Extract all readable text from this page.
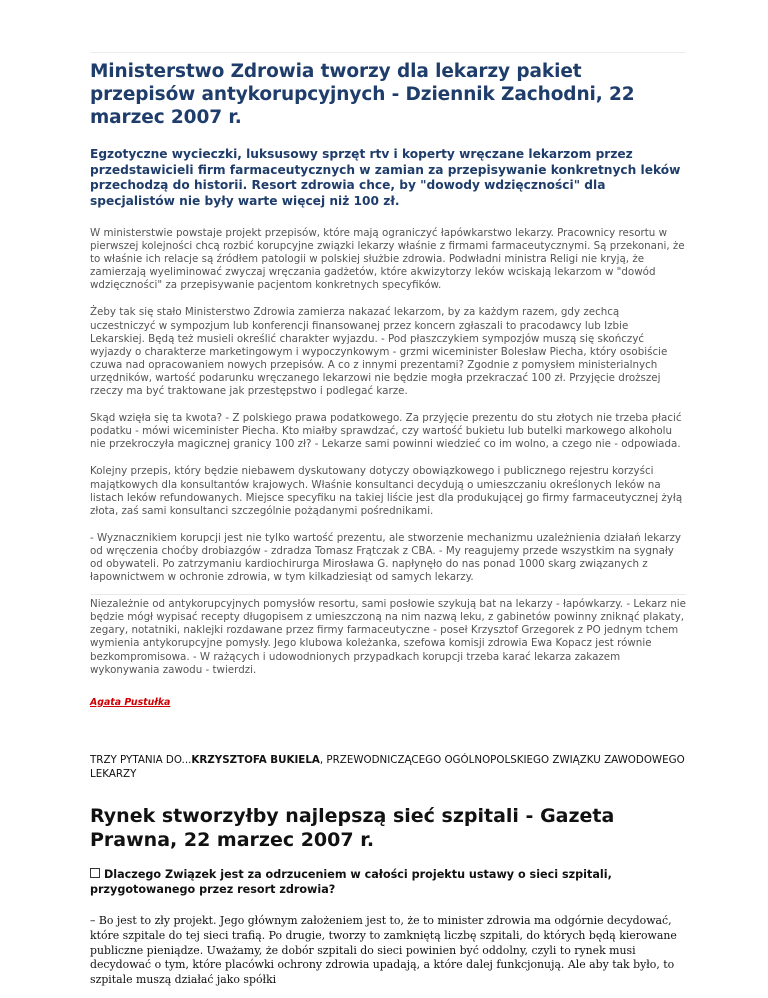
Ministerstwo Zdrowia tworzy dla lekarzy pakiet przepisów antykorupcyjnych - Dziennik Zachodni, 22 marzec 2007 r.

Egzotyczne wycieczki, luksusowy sprzęt rtv i koperty wręczane lekarzom przez przedstawicieli firm farmaceutycznych w zamian za przepisywanie konkretnych leków przechodzą do historii. Resort zdrowia chce, by "dowody wdzięczności" dla specjalistów nie były warte więcej niż 100 zł.

W ministerstwie powstaje projekt przepisów, które mają ograniczyć łapówkarstwo lekarzy. Pracownicy resortu w pierwszej kolejności chcą rozbić korupcyjne związki lekarzy właśnie z firmami farmaceutycznymi. Są przekonani, że to właśnie ich relacje są źródłem patologii w polskiej służbie zdrowia. Podwładni ministra Religi nie kryją, że zamierzają wyeliminować zwyczaj wręczania gadżetów, które akwizytorzy leków wciskają lekarzom w "dowód wdzięczności" za przepisywanie pacjentom konkretnych specyfików.

Żeby tak się stało Ministerstwo Zdrowia zamierza nakazać lekarzom, by za każdym razem, gdy zechcą uczestniczyć w sympozjum lub konferencji finansowanej przez koncern zgłaszali to pracodawcy lub Izbie Lekarskiej. Będą też musieli określić charakter wyjazdu. - Pod płaszczykiem sympozjów muszą się skończyć wyjazdy o charakterze marketingowym i wypoczynkowym - grzmi wiceminister Bolesław Piecha, który osobiście czuwa nad opracowaniem nowych przepisów. A co z innymi prezentami? Zgodnie z pomysłem ministerialnych urzędników, wartość podarunku wręczanego lekarzowi nie będzie mogła przekraczać 100 zł. Przyjęcie droższej rzeczy ma być traktowane jak przestępstwo i podlegać karze.

Skąd wzięła się ta kwota? - Z polskiego prawa podatkowego. Za przyjęcie prezentu do stu złotych nie trzeba płacić podatku - mówi wiceminister Piecha. Kto miałby sprawdzać, czy wartość bukietu lub butelki markowego alkoholu nie przekroczyła magicznej granicy 100 zł? - Lekarze sami powinni wiedzieć co im wolno, a czego nie - odpowiada.

Kolejny przepis, który będzie niebawem dyskutowany dotyczy obowiązkowego i publicznego rejestru korzyści majątkowych dla konsultantów krajowych. Właśnie konsultanci decydują o umieszczaniu określonych leków na listach leków refundowanych. Miejsce specyfiku na takiej liście jest dla produkującej go firmy farmaceutycznej żyłą złota, zaś sami konsultanci szczególnie pożądanymi pośrednikami.

- Wyznacznikiem korupcji jest nie tylko wartość prezentu, ale stworzenie mechanizmu uzależnienia działań lekarzy od wręczenia choćby drobiazgów - zdradza Tomasz Frątczak z CBA. - My reagujemy przede wszystkim na sygnały od obywateli. Po zatrzymaniu kardiochirurga Mirosława G. napłynęło do nas ponad 1000 skarg związanych z łapownictwem w ochronie zdrowia, w tym kilkadziesiąt od samych lekarzy.

Niezależnie od antykorupcyjnych pomysłów resortu, sami posłowie szykują bat na lekarzy - łapówkarzy. - Lekarz nie będzie mógł wypisać recepty długopisem z umieszczoną na nim nazwą leku, z gabinetów powinny zniknąć plakaty, zegary, notatniki, naklejki rozdawane przez firmy farmaceutyczne - poseł Krzysztof Grzegorek z PO jednym tchem wymienia antykorupcyjne pomysły. Jego klubowa koleżanka, szefowa komisji zdrowia Ewa Kopacz jest równie bezkompromisowa. - W rażących i udowodnionych przypadkach korupcji trzeba karać lekarza zakazem wykonywania zawodu - twierdzi.

Agata Pustułka
TRZY PYTANIA DO...KRZYSZTOFA BUKIELA, PRZEWODNICZĄCEGO OGÓLNOPOLSKIEGO ZWIĄZKU ZAWODOWEGO LEKARZY
Rynek stworzyłby najlepszą sieć szpitali - Gazeta Prawna, 22 marzec 2007 r.
Dlaczego Związek jest za odrzuceniem w całości projektu ustawy o sieci szpitali, przygotowanego przez resort zdrowia?

– Bo jest to zły projekt. Jego głównym założeniem jest to, że to minister zdrowia ma odgórnie decydować, które szpitale do tej sieci trafią. Po drugie, tworzy to zamkniętą liczbę szpitali, do których będą kierowane publiczne pieniądze. Uważamy, że dobór szpitali do sieci powinien być oddolny, czyli to rynek musi decydować o tym, które placówki ochrony zdrowia upadają, a które dalej funkcjonują. Ale aby tak było, to szpitale muszą działać jako spółki
